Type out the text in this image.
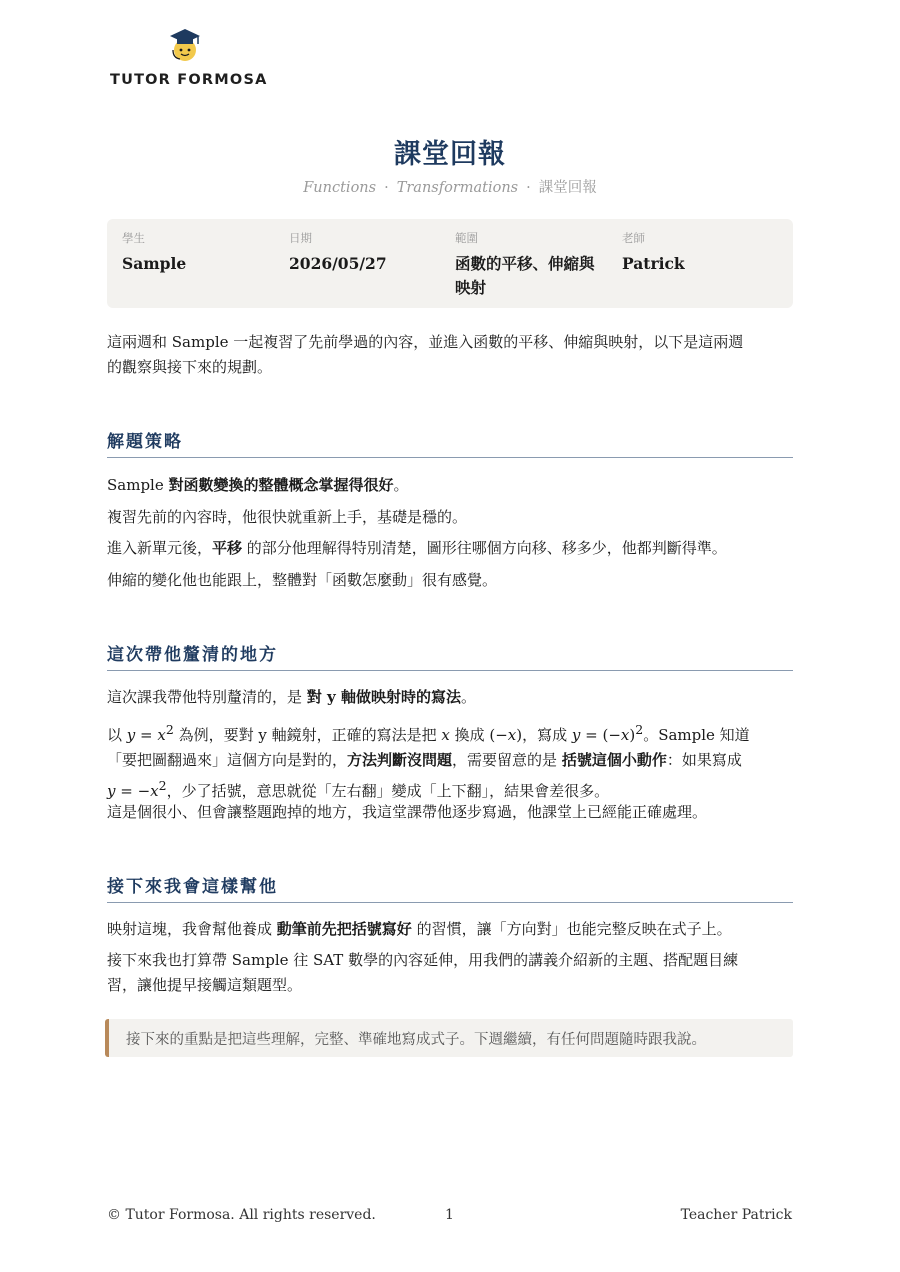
TUTOR FORMOSA
課堂回報
Functions · Transformations · 課堂回報
學生
Sample
日期
2026/05/27
範圍
函數的平移、伸縮與
映射
老師
Patrick
這兩週和 Sample 一起複習了先前學過的內容，並進入函數的平移、伸縮與映射，以下是這兩週
的觀察與接下來的規劃。
解題策略
Sample 對函數變換的整體概念掌握得很好。
複習先前的內容時，他很快就重新上手，基礎是穩的。
進入新單元後，平移 的部分他理解得特別清楚，圖形往哪個方向移、移多少，他都判斷得準。
伸縮的變化他也能跟上，整體對「函數怎麼動」很有感覺。
這次帶他釐清的地方
這次課我帶他特別釐清的，是 對 y 軸做映射時的寫法。
以 $y = x^2$ 為例，要對 y 軸鏡射，正確的寫法是把 x 換成 (−x)，寫成 $y = (-x)^2$。Sample 知道
「要把圖翻過來」這個方向是對的，方法判斷沒問題，需要留意的是 括號這個小動作：如果寫成
$y = -x^2$，少了括號，意思就從「左右翻」變成「上下翻」，結果會差很多。
這是個很小、但會讓整題跑掉的地方，我這堂課帶他逐步寫過，他課堂上已經能正確處理。
接下來我會這樣幫他
映射這塊，我會幫他養成 動筆前先把括號寫好 的習慣，讓「方向對」也能完整反映在式子上。
接下來我也打算帶 Sample 往 SAT 數學的內容延伸，用我們的講義介紹新的主題、搭配題目練
習，讓他提早接觸這類題型。
接下來的重點是把這些理解，完整、準確地寫成式子。下週繼續，有任何問題隨時跟我說。
© Tutor Formosa. All rights reserved.	1	Teacher Patrick
